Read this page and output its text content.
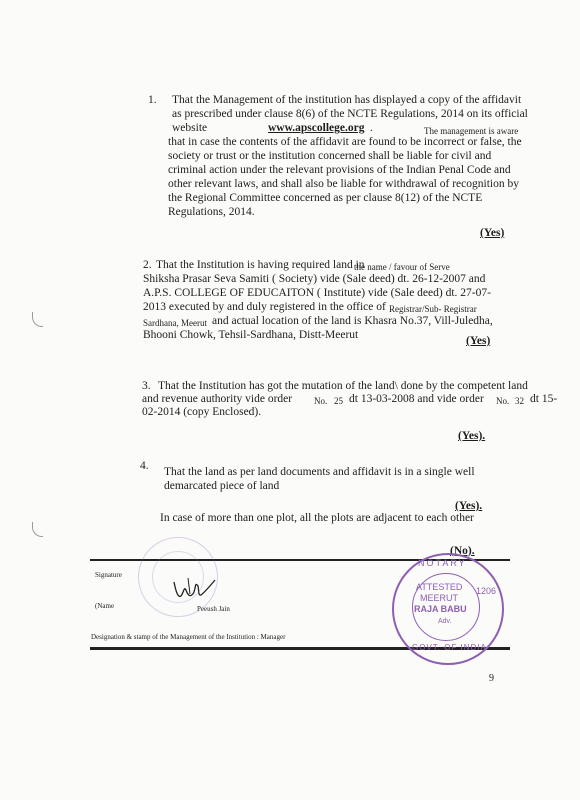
1. That the Management of the institution has displayed a copy of the affidavit
as prescribed under clause 8(6) of the NCTE Regulations, 2014 on its official
website	www.apscollege.org .	The management is aware
that in case the contents of the affidavit are found to be incorrect or false, the
society or trust or the institution concerned shall be liable for civil and
criminal action under the relevant provisions of the Indian Penal Code and
other relevant laws, and shall also be liable for withdrawal of recognition by
the Regional Committee concerned as per clause 8(12) of the NCTE
Regulations, 2014.
(Yes)
2. That the Institution is having required land in
the name / favour of Serve
Shiksha Prasar Seva Samiti ( Society) vide (Sale deed) dt. 26-12-2007 and
A.P.S. COLLEGE OF EDUCAITON ( Institute) vide (Sale deed) dt. 27-07-
2013 executed by and duly registered in the office of Registrar/Sub- Registrar
Sardhana, Meerut and actual location of the land is Khasra No.37, Vill-Juledha,
Bhooni Chowk, Tehsil-Sardhana, Distt-Meerut	(Yes)
3. That the Institution has got the mutation of the land\ done by the competent land
and revenue authority vide order No. 25 dt 13-03-2008 and vide order No. 32 dt 15-
02-2014 (copy Enclosed).
(Yes).
4. That the land as per land documents and affidavit is in a single well
demarcated piece of land
(Yes).
In case of more than one plot, all the plots are adjacent to each other
(No).
Signature
(Name	Peeush Jain
Designation & stamp of the Management of the Institution : Manager
NOTARY
1206
ATTESTED
MEERUT
RAJA BABU
Adv.
GOVT. OF INDIA
9
